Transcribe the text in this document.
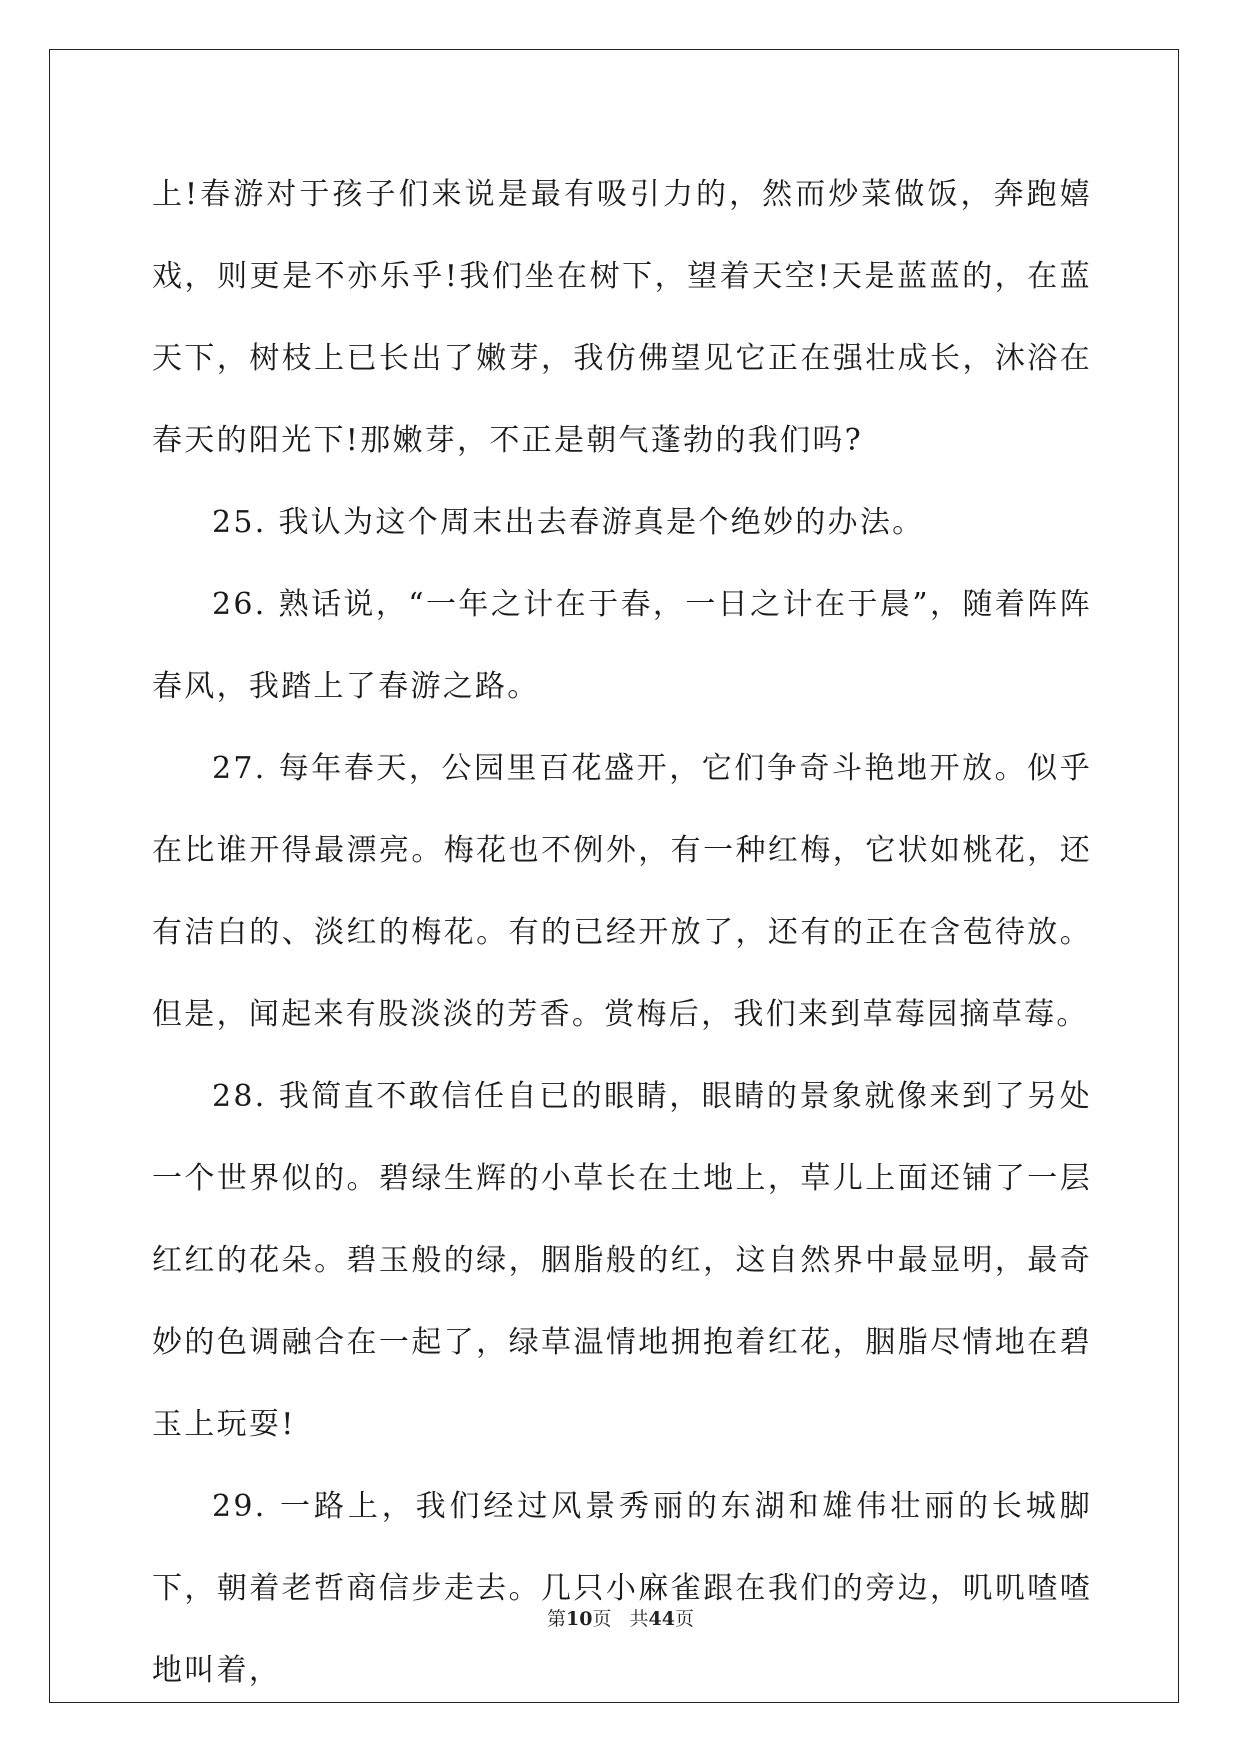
上!春游对于孩子们来说是最有吸引力的，然而炒菜做饭，奔跑嬉戏，则更是不亦乐乎!我们坐在树下，望着天空!天是蓝蓝的，在蓝天下，树枝上已长出了嫩芽，我仿佛望见它正在强壮成长，沐浴在春天的阳光下!那嫩芽，不正是朝气蓬勃的我们吗?

25. 我认为这个周末出去春游真是个绝妙的办法。

26. 熟话说，“一年之计在于春，一日之计在于晨”，随着阵阵春风，我踏上了春游之路。

27. 每年春天，公园里百花盛开，它们争奇斗艳地开放。似乎在比谁开得最漂亮。梅花也不例外，有一种红梅，它状如桃花，还有洁白的、淡红的梅花。有的已经开放了，还有的正在含苞待放。但是，闻起来有股淡淡的芳香。赏梅后，我们来到草莓园摘草莓。

28. 我简直不敢信任自已的眼睛，眼睛的景象就像来到了另处一个世界似的。碧绿生辉的小草长在土地上，草儿上面还铺了一层红红的花朵。碧玉般的绿，胭脂般的红，这自然界中最显明，最奇妙的色调融合在一起了，绿草温情地拥抱着红花，胭脂尽情地在碧玉上玩耍!

29. 一路上，我们经过风景秀丽的东湖和雄伟壮丽的长城脚下，朝着老哲商信步走去。几只小麻雀跟在我们的旁边，叽叽喳喳地叫着，

第10页 共44页
